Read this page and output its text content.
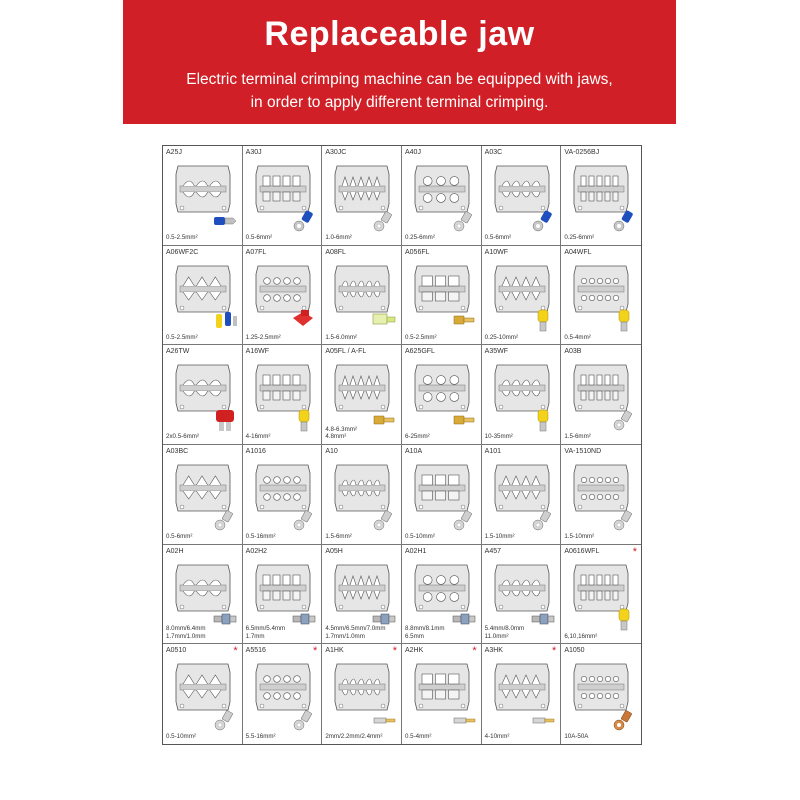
Replaceable jaw

Electric terminal crimping machine can be equipped with jaws,
in order to apply different terminal crimping.

A25J
0.5-2.5mm²
A30J
0.5-6mm²
A30JC
1.0-6mm²
A40J
0.25-6mm²
A03C
0.5-6mm²
VA-0256BJ
0.25-6mm²
A06WF2C
0.5-2.5mm²
A07FL
1.25-2.5mm²
A08FL
1.5-6.0mm²
A056FL
0.5-2.5mm²
A10WF
0.25-10mm²
A04WFL
0.5-4mm²
A26TW
2x0.5-6mm²
A16WF
4-16mm²
A05FL / A-FL
4.8-6.3mm²
4.8mm²
A625GFL
6-25mm²
A35WF
10-35mm²
A03B
1.5-6mm²
A03BC
0.5-6mm²
A1016
0.5-16mm²
A10
1.5-6mm²
A10A
0.5-10mm²
A101
1.5-10mm²
VA-1510ND
1.5-10mm²
A02H
8.0mm/6.4mm
1.7mm/1.0mm
A02H2
6.5mm/5.4mm
1.7mm
A05H
4.5mm/6.5mm/7.0mm
1.7mm/1.0mm
A02H1
8.8mm/8.1mm
6.5mm
A457
5.4mm/8.0mm
11.0mm²
A0616WFL	*
6,10,16mm²
A0510	*
0.5-10mm²
A5516	*
5.5-16mm²
A1HK	*
2mm/2.2mm/2.4mm²
A2HK	*
0.5-4mm²
A3HK	*
4-10mm²
A1050
10A-50A
